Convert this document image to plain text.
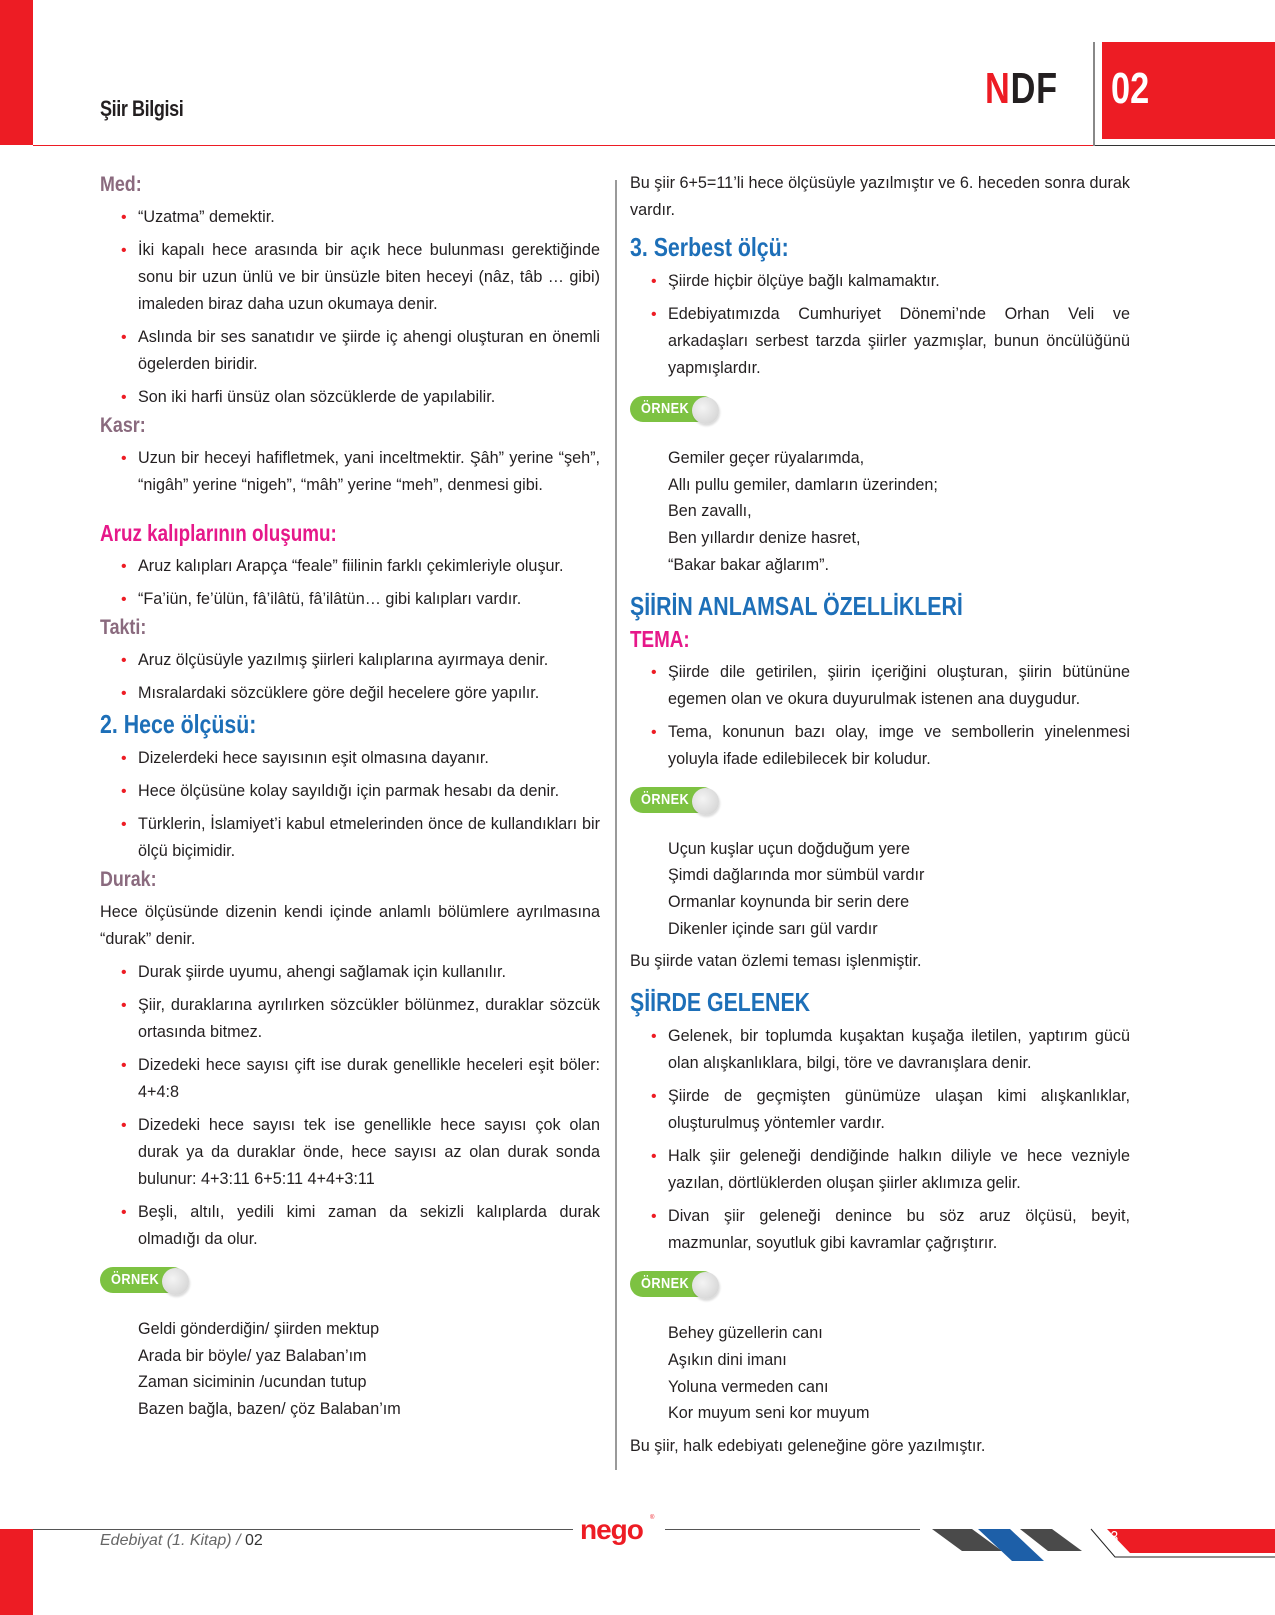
Şiir Bilgisi	NDF 02
Med:
• “Uzatma” demektir.
• İki kapalı hece arasında bir açık hece bulunması gerektiğinde sonu bir uzun ünlü ve bir ünsüzle biten heceyi (nâz, tâb … gibi) imaleden biraz daha uzun okumaya denir.
• Aslında bir ses sanatıdır ve şiirde iç ahengi oluşturan en önemli ögelerden biridir.
• Son iki harfi ünsüz olan sözcüklerde de yapılabilir.
Kasr:
• Uzun bir heceyi hafifletmek, yani inceltmektir. Şâh” yerine “şeh”, “nigâh” yerine “nigeh”, “mâh” yerine “meh”, denmesi gibi.
Aruz kalıplarının oluşumu:
• Aruz kalıpları Arapça “feale” fiilinin farklı çekimleriyle oluşur.
• “Fa’iün, fe’ülün, fâ’ilâtü, fâ’ilâtün… gibi kalıpları vardır.
Takti:
• Aruz ölçüsüyle yazılmış şiirleri kalıplarına ayırmaya denir.
• Mısralardaki sözcüklere göre değil hecelere göre yapılır.
2. Hece ölçüsü:
• Dizelerdeki hece sayısının eşit olmasına dayanır.
• Hece ölçüsüne kolay sayıldığı için parmak hesabı da denir.
• Türklerin, İslamiyet’i kabul etmelerinden önce de kullandıkları bir ölçü biçimidir.
Durak:

Hece ölçüsünde dizenin kendi içinde anlamlı bölümlere ayrılmasına “durak” denir.

• Durak şiirde uyumu, ahengi sağlamak için kullanılır.
• Şiir, duraklarına ayrılırken sözcükler bölünmez, duraklar sözcük ortasında bitmez.
• Dizedeki hece sayısı çift ise durak genellikle heceleri eşit böler: 4+4:8
• Dizedeki hece sayısı tek ise genellikle hece sayısı çok olan durak ya da duraklar önde, hece sayısı az olan durak sonda bulunur: 4+3:11 6+5:11 4+4+3:11
• Beşli, altılı, yedili kimi zaman da sekizli kalıplarda durak olmadığı da olur.
ÖRNEK
Geldi gönderdiğin/ şiirden mektup
Arada bir böyle/ yaz Balaban’ım
Zaman siciminin /ucundan tutup
Bazen bağla, bazen/ çöz Balaban’ım

Bu şiir 6+5=11’li hece ölçüsüyle yazılmıştır ve 6. heceden sonra durak vardır.

3. Serbest ölçü:
• Şiirde hiçbir ölçüye bağlı kalmamaktır.
• Edebiyatımızda Cumhuriyet Dönemi’nde Orhan Veli ve arkadaşları serbest tarzda şiirler yazmışlar, bunun öncülüğünü yapmışlardır.
ÖRNEK
Gemiler geçer rüyalarımda,
Allı pullu gemiler, damların üzerinden;
Ben zavallı,
Ben yıllardır denize hasret,
“Bakar bakar ağlarım”.
ŞİİRİN ANLAMSAL ÖZELLİKLERİ
TEMA:
• Şiirde dile getirilen, şiirin içeriğini oluşturan, şiirin bütününe egemen olan ve okura duyurulmak istenen ana duygudur.
• Tema, konunun bazı olay, imge ve sembollerin yinelenmesi yoluyla ifade edilebilecek bir koludur.
ÖRNEK
Uçun kuşlar uçun doğduğum yere
Şimdi dağlarında mor sümbül vardır
Ormanlar koynunda bir serin dere
Dikenler içinde sarı gül vardır

Bu şiirde vatan özlemi teması işlenmiştir.

ŞİİRDE GELENEK
• Gelenek, bir toplumda kuşaktan kuşağa iletilen, yaptırım gücü olan alışkanlıklara, bilgi, töre ve davranışlara denir.
• Şiirde de geçmişten günümüze ulaşan kimi alışkanlıklar, oluşturulmuş yöntemler vardır.
• Halk şiir geleneği dendiğinde halkın diliyle ve hece vezniyle yazılan, dörtlüklerden oluşan şiirler aklımıza gelir.
• Divan şiir geleneği denince bu söz aruz ölçüsü, beyit, mazmunlar, soyutluk gibi kavramlar çağrıştırır.
ÖRNEK
Behey güzellerin canı
Aşıkın dini imanı
Yoluna vermeden canı
Kor muyum seni kor muyum

Bu şiir, halk edebiyatı geleneğine göre yazılmıştır.

Edebiyat (1. Kitap) / 02	nego ®
3
